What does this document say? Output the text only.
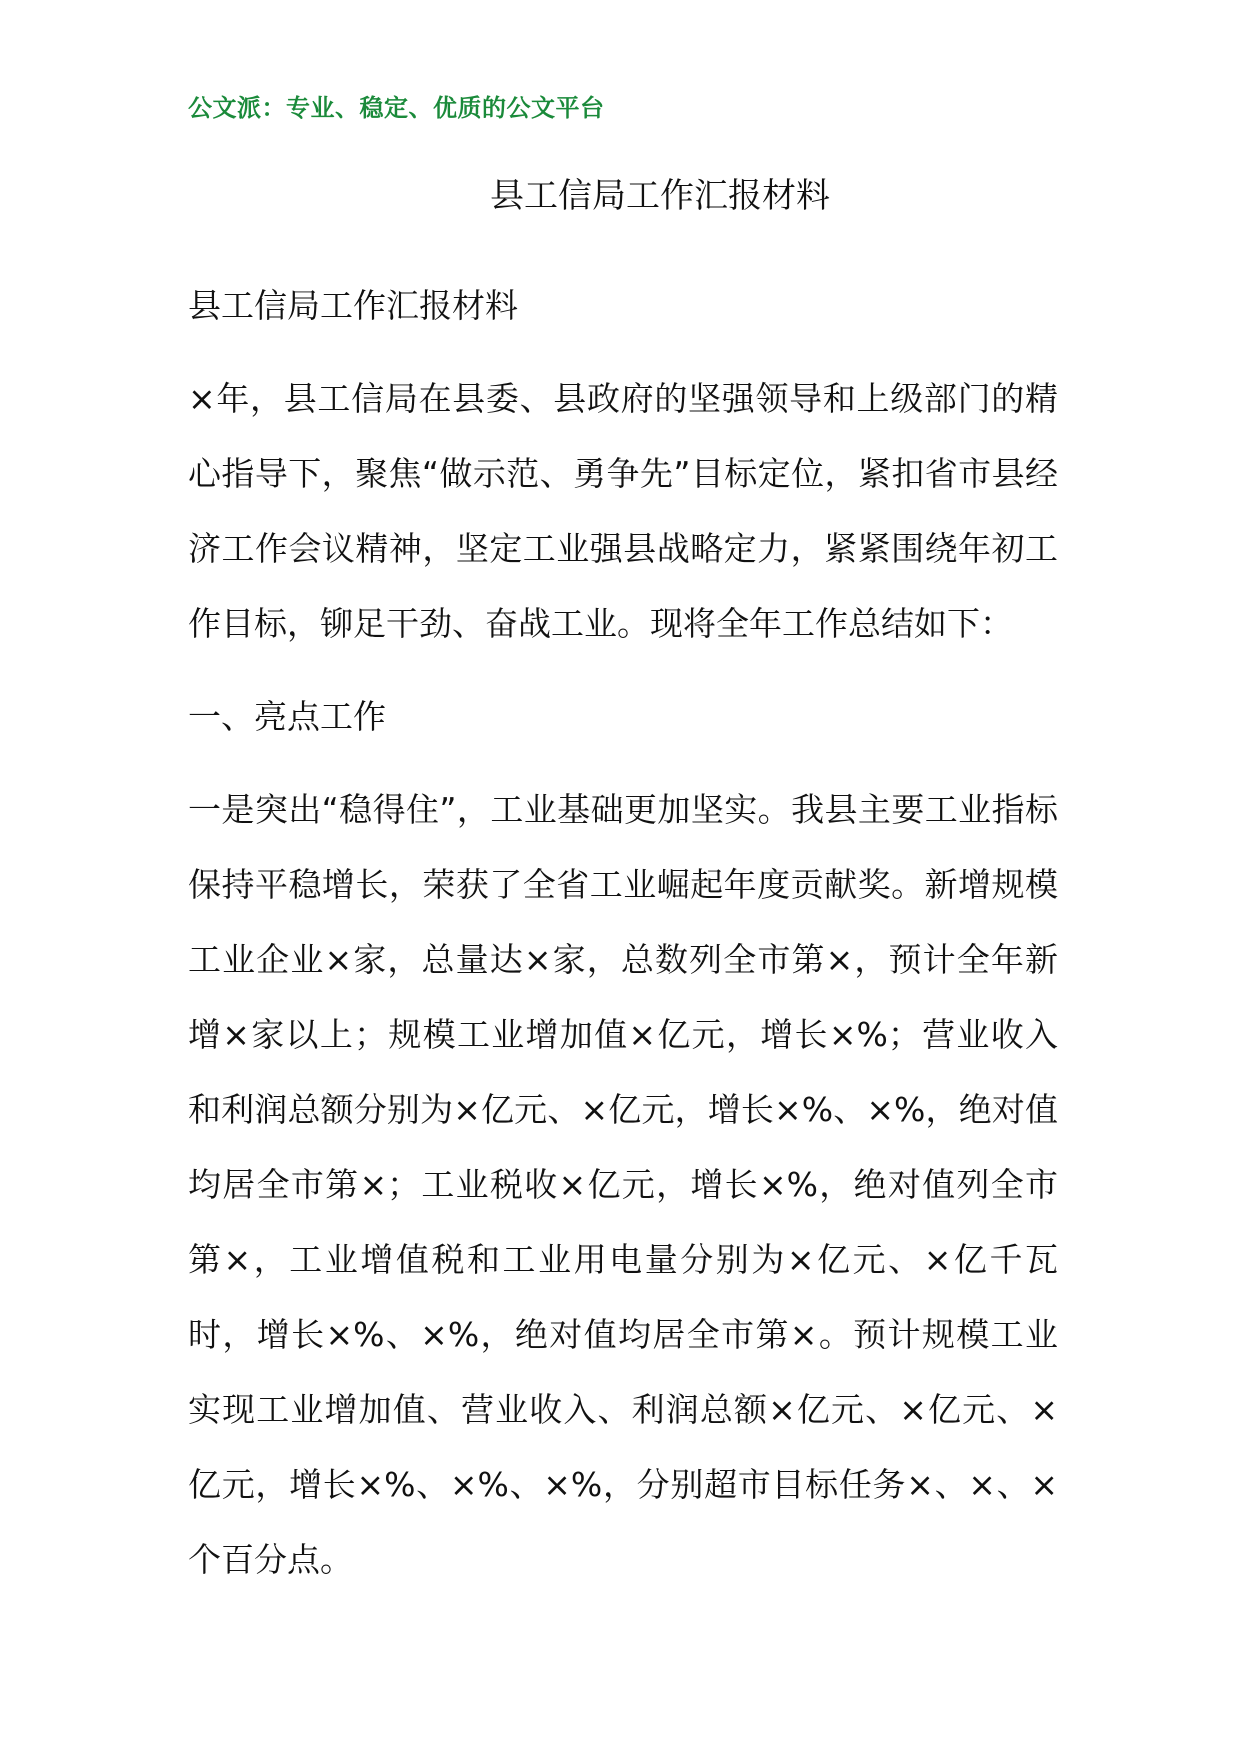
公文派：专业、稳定、优质的公文平台
县工信局工作汇报材料

县工信局工作汇报材料

×年，县工信局在县委、县政府的坚强领导和上级部门的精心指导下，聚焦“做示范、勇争先”目标定位，紧扣省市县经济工作会议精神，坚定工业强县战略定力，紧紧围绕年初工作目标，铆足干劲、奋战工业。现将全年工作总结如下：

一、亮点工作

一是突出“稳得住”，工业基础更加坚实。我县主要工业指标保持平稳增长，荣获了全省工业崛起年度贡献奖。新增规模工业企业×家，总量达×家，总数列全市第×，预计全年新增×家以上；规模工业增加值×亿元，增长×%；营业收入和利润总额分别为×亿元、×亿元，增长×%、×%，绝对值均居全市第×；工业税收×亿元，增长×%，绝对值列全市第×，工业增值税和工业用电量分别为×亿元、×亿千瓦时，增长×%、×%，绝对值均居全市第×。预计规模工业实现工业增加值、营业收入、利润总额×亿元、×亿元、×亿元，增长×%、×%、×%，分别超市目标任务×、×、×个百分点。
